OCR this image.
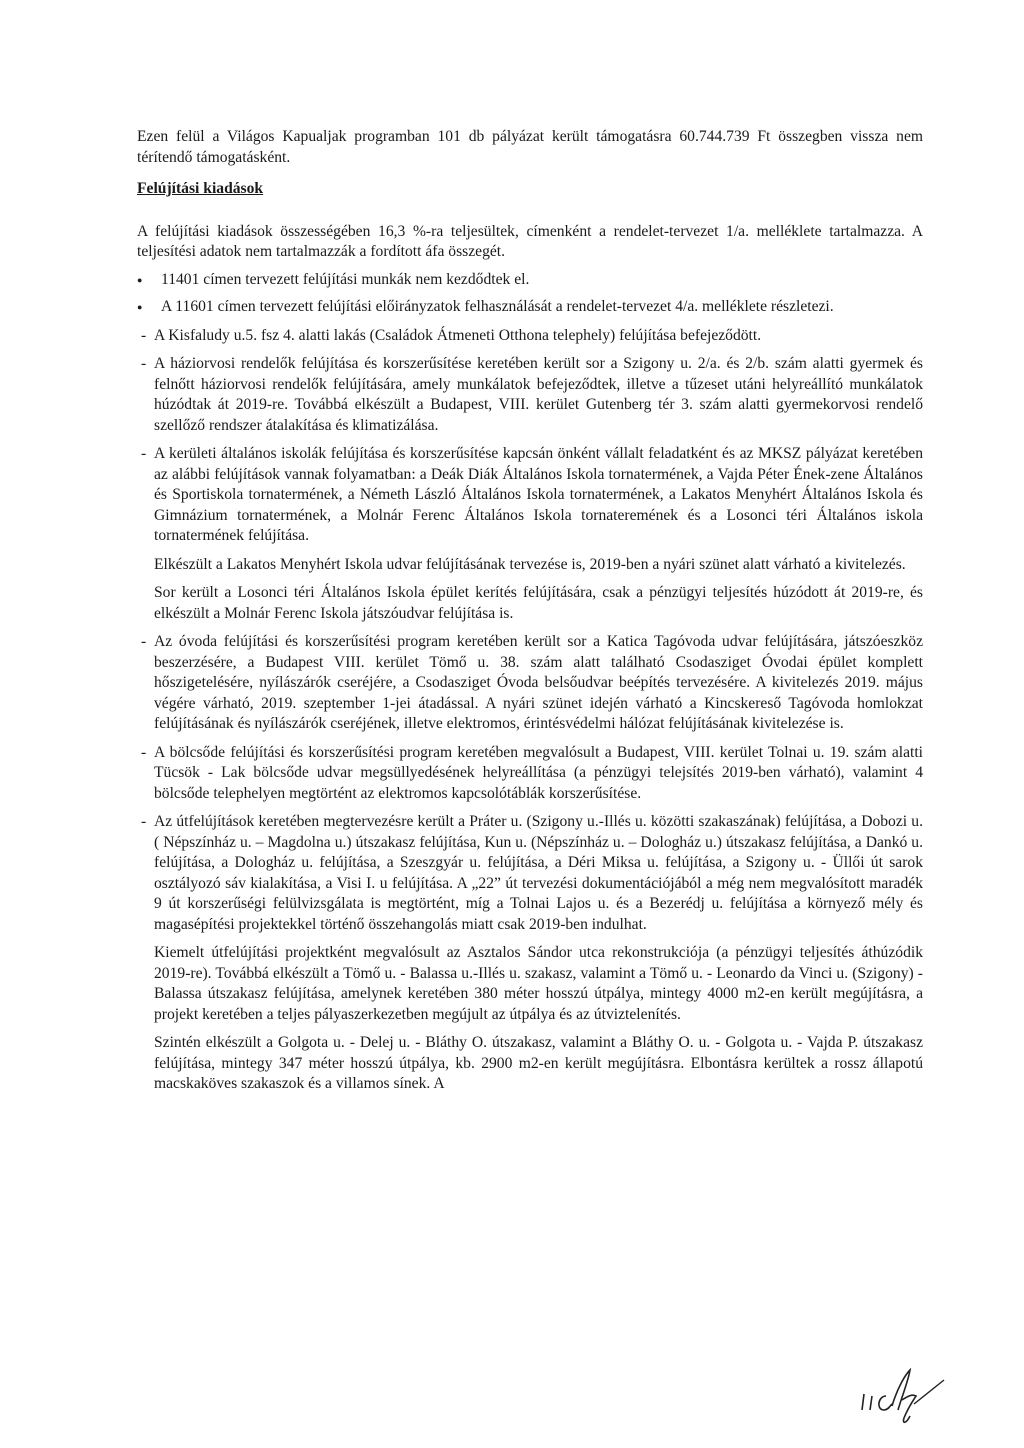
Ezen felül a Világos Kapualjak programban 101 db pályázat került támogatásra 60.744.739 Ft összegben vissza nem térítendő támogatásként.

Felújítási kiadások

A felújítási kiadások összességében 16,3 %-ra teljesültek, címenként a rendelet-tervezet 1/a. melléklete tartalmazza. A teljesítési adatok nem tartalmazzák a fordított áfa összegét.

● 11401 címen tervezett felújítási munkák nem kezdődtek el.
● A 11601 címen tervezett felújítási előirányzatok felhasználását a rendelet-tervezet 4/a. melléklete részletezi.
- A Kisfaludy u.5. fsz 4. alatti lakás (Családok Átmeneti Otthona telephely) felújítása befejeződött.
- A háziorvosi rendelők felújítása és korszerűsítése keretében került sor a Szigony u. 2/a. és 2/b. szám alatti gyermek és felnőtt háziorvosi rendelők felújítására, amely munkálatok befejeződtek, illetve a tűzeset utáni helyreállító munkálatok húzódtak át 2019-re. Továbbá elkészült a Budapest, VIII. kerület Gutenberg tér 3. szám alatti gyermekorvosi rendelő szellőző rendszer átalakítása és klimatizálása.
- A kerületi általános iskolák felújítása és korszerűsítése kapcsán önként vállalt feladatként és az MKSZ pályázat keretében az alábbi felújítások vannak folyamatban: a Deák Diák Általános Iskola tornatermének, a Vajda Péter Ének-zene Általános és Sportiskola tornatermének, a Németh László Általános Iskola tornatermének, a Lakatos Menyhért Általános Iskola és Gimnázium tornatermének, a Molnár Ferenc Általános Iskola tornateremének és a Losonci téri Általános iskola tornatermének felújítása.
Elkészült a Lakatos Menyhért Iskola udvar felújításának tervezése is, 2019-ben a nyári szünet alatt várható a kivitelezés.
Sor került a Losonci téri Általános Iskola épület kerítés felújítására, csak a pénzügyi teljesítés húzódott át 2019-re, és elkészült a Molnár Ferenc Iskola játszóudvar felújítása is.
- Az óvoda felújítási és korszerűsítési program keretében került sor a Katica Tagóvoda udvar felújítására, játszóeszköz beszerzésére, a Budapest VIII. kerület Tömő u. 38. szám alatt található Csodasziget Óvodai épület komplett hőszigetelésére, nyílászárók cseréjére, a Csodasziget Óvoda belsőudvar beépítés tervezésére. A kivitelezés 2019. május végére várható, 2019. szeptember 1-jei átadással. A nyári szünet idején várható a Kincskereső Tagóvoda homlokzat felújításának és nyílászárók cseréjének, illetve elektromos, érintésvédelmi hálózat felújításának kivitelezése is.
- A bölcsőde felújítási és korszerűsítési program keretében megvalósult a Budapest, VIII. kerület Tolnai u. 19. szám alatti Tücsök - Lak bölcsőde udvar megsüllyedésének helyreállítása (a pénzügyi telejsítés 2019-ben várható), valamint 4 bölcsőde telephelyen megtörtént az elektromos kapcsolótáblák korszerűsítése.
- Az útfelújítások keretében megtervezésre került a Práter u. (Szigony u.-Illés u. közötti szakaszának) felújítása, a Dobozi u. ( Népszínház u. – Magdolna u.) útszakasz felújítása, Kun u. (Népszínház u. – Dologház u.) útszakasz felújítása, a Dankó u. felújítása, a Dologház u. felújítása, a Szeszgyár u. felújítása, a Déri Miksa u. felújítása, a Szigony u. - Üllői út sarok osztályozó sáv kialakítása, a Visi I. u felújítása. A „22” út tervezési dokumentációjából a még nem megvalósított maradék 9 út korszerűségi felülvizsgálata is megtörtént, míg a Tolnai Lajos u. és a Bezerédj u. felújítása a környező mély és magasépítési projektekkel történő összehangolás miatt csak 2019-ben indulhat.
Kiemelt útfelújítási projektként megvalósult az Asztalos Sándor utca rekonstrukciója (a pénzügyi teljesítés áthúzódik 2019-re). Továbbá elkészült a Tömő u. - Balassa u.-Illés u. szakasz, valamint a Tömő u. - Leonardo da Vinci u. (Szigony) - Balassa útszakasz felújítása, amelynek keretében 380 méter hosszú útpálya, mintegy 4000 m2-en került megújításra, a projekt keretében a teljes pályaszerkezetben megújult az útpálya és az útviztelenítés.
Szintén elkészült a Golgota u. - Delej u. - Bláthy O. útszakasz, valamint a Bláthy O. u. - Golgota u. - Vajda P. útszakasz felújítása, mintegy 347 méter hosszú útpálya, kb. 2900 m2-en került megújításra. Elbontásra kerültek a rossz állapotú macskaköves szakaszok és a villamos sínek. A
